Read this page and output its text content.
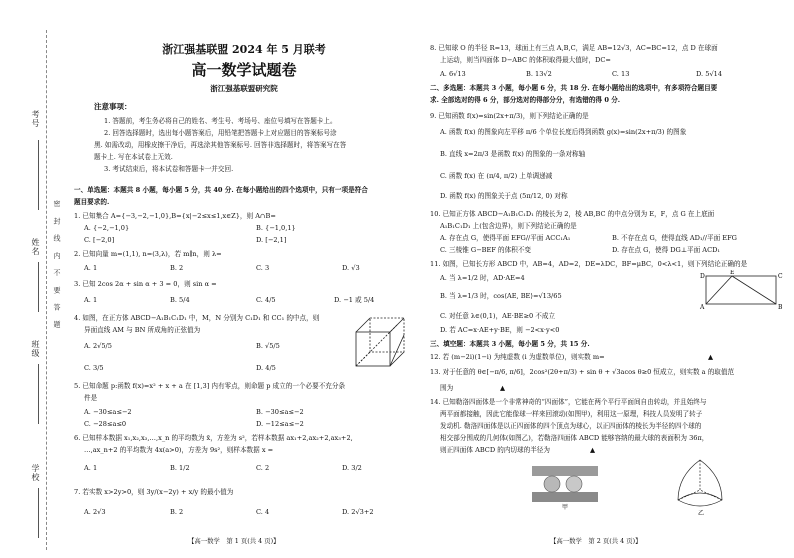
考号
姓名
班级
学校
密 封 线 内 不 要 答 题
浙江强基联盟 2024 年 5 月联考
高一数学试题卷
浙江强基联盟研究院
注意事项：
1. 答题前，考生务必将自己的姓名、考生号、考场号、座位号填写在答题卡上。
2. 回答选择题时，选出每小题答案后，用铅笔把答题卡上对应题目的答案标号涂
黑. 如需改动，用橡皮擦干净后，再选涂其他答案标号. 回答非选择题时，将答案写在答
题卡上. 写在本试卷上无效.
3. 考试结束后，将本试卷和答题卡一并交回.
一、单选题：本题共 8 小题，每小题 5 分，共 40 分. 在每小题给出的四个选项中，只有一项是符合
题目要求的.
1. 已知集合 A={−3,−2,−1,0},B={x|−2≤x≤1,x∈Z}，则 A∩B=
A. {−2,−1,0}	B. {−1,0,1}
C. [−2,0]	D. [−2,1]
2. 已知向量 m=(1,1), n=(3,λ)，若 m∥n，则 λ=
A. 1	B. 2	C. 3	D. √3
3. 已知 2cos 2α + sin α + 3 = 0，则 sin α =
A. 1	B. 5/4	C. 4/5	D. −1 或 5/4
4. 如图，在正方体 ABCD−A₁B₁C₁D₁ 中，M，N 分别为 C₁D₁ 和 CC₁ 的中点，则
异面直线 AM 与 BN 所成角的正弦值为
A. 2√5/5	B. √5/5
C. 3/5	D. 4/5
5. 已知命题 p:函数 f(x)=x² + x + a 在 [1,3] 内有零点，则命题 p 成立的一个必要不充分条
件是
A. −30≤a≤−2	B. −30≤a≤−2
C. −28≤a≤0	D. −12≤a≤−2
6. 已知样本数据 x₁,x₂,x₃,…,x_n 的平均数为 x̄，方差为 s²，若样本数据 ax₁+2,ax₂+2,ax₃+2,
…,ax_n+2 的平均数为 4x(a>0)，方差为 9s²，则样本数据 x =
A. 1	B. 1/2	C. 2	D. 3/2
7. 若实数 x>2y>0，则 3y/(x−2y) + x/y 的最小值为
A. 2√3	B. 2	C. 4	D. 2√3+2
【高一数学　第 1 页(共 4 页)】
8. 已知球 O 的半径 R=13，球面上有三点 A,B,C，满足 AB=12√3，AC=BC=12，点 D 在球面
上运动，则当四面体 D−ABC 的体积取得最大值时，DC=
A. 6√13	B. 13√2	C. 13	D. 5√14
二、多选题：本题共 3 小题，每小题 6 分，共 18 分. 在每小题给出的选项中，有多项符合题目要
求. 全部选对的得 6 分，部分选对的得部分分，有选错的得 0 分.
9. 已知函数 f(x)=sin(2x+π/3)，则下列结论正确的是
A. 函数 f(x) 的图象向左平移 π/6 个单位长度后得到函数 g(x)=sin(2x+π/3) 的图象
B. 直线 x=2π/3 是函数 f(x) 的图象的一条对称轴
C. 函数 f(x) 在 (π/4, π/2) 上单调递减
D. 函数 f(x) 的图象关于点 (5π/12, 0) 对称
10. 已知正方体 ABCD−A₁B₁C₁D₁ 的棱长为 2，棱 AB,BC 的中点分别为 E，F，点 G 在上底面
A₁B₁C₁D₁ 上(包含边界)，则下列结论正确的是
A. 存在点 G，使得平面 EFG//平面 ACC₁A₁	B. 不存在点 G，使得直线 AD₁//平面 EFG
C. 三棱锥 G−BEF 的体积不变	D. 存在点 G，使得 DG⊥平面 ACD₁
11. 如图，已知长方形 ABCD 中，AB=4，AD=2，DE=λDC，BF=μBC，0<λ<1，则下列结论正确的是
A. 当 λ=1/2 时，AD·AE=4
B. 当 λ=1/3 时，cos⟨AE, BE⟩=√13/65
C. 对任意 λ∈(0,1)，AE·BE≥0 不成立
D. 若 AC=x·AE+y·BE，则 −2<x·y<0
D
E
C
A	B
三、填空题：本题共 3 小题，每小题 5 分，共 15 分.
12. 若 (m−2i)(1−i) 为纯虚数 (i 为虚数单位)，则实数 m=	▲
13. 对于任意的 θ∈[−π/6, π/6]，2cos²(2θ+π/3) + sin θ + √3acos θ≥0 恒成立，则实数 a 的取值范
围为	▲
14. 已知勒洛四面体是一个非常神奇的“四面体”，它能在两个平行平面间自由转动，并且始终与
两平面都接触，因此它能像球一样来回滚动(如图甲)，利用这一原理，科技人员发明了转子
发动机. 勒洛四面体是以正四面体的四个顶点为球心，以正四面体的棱长为半径的四个球的
相交部分围成的几何体(如图乙)，若勒洛四面体 ABCD 能够容纳的最大球的表面积为 36π，
则正四面体 ABCD 的内切球的半径为	▲
甲
乙
【高一数学　第 2 页(共 4 页)】
